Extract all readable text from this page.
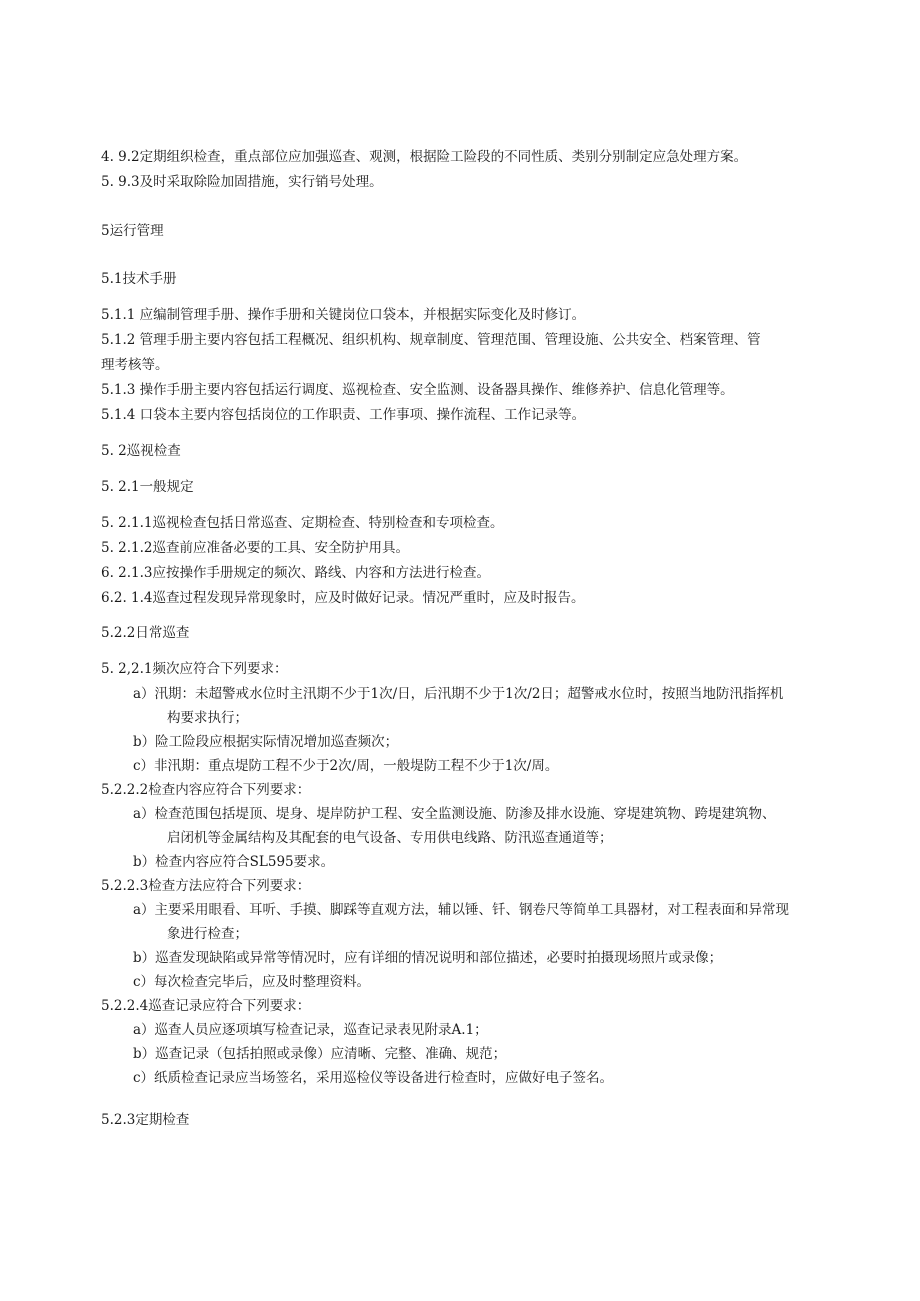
4. 9.2定期组织检查，重点部位应加强巡查、观测，根据险工险段的不同性质、类别分别制定应急处理方案。
5. 9.3及时采取除险加固措施，实行销号处理。
5运行管理
5.1技术手册
5.1.1 应编制管理手册、操作手册和关键岗位口袋本，并根据实际变化及时修订。
5.1.2 管理手册主要内容包括工程概况、组织机构、规章制度、管理范围、管理设施、公共安全、档案管理、管
理考核等。
5.1.3 操作手册主要内容包括运行调度、巡视检查、安全监测、设备器具操作、维修养护、信息化管理等。
5.1.4 口袋本主要内容包括岗位的工作职责、工作事项、操作流程、工作记录等。
5. 2巡视检查
5. 2.1一般规定
5. 2.1.1巡视检查包括日常巡查、定期检查、特别检查和专项检查。
5. 2.1.2巡查前应准备必要的工具、安全防护用具。
6. 2.1.3应按操作手册规定的频次、路线、内容和方法进行检查。
6.2. 1.4巡查过程发现异常现象时，应及时做好记录。情况严重时，应及时报告。
5.2.2日常巡查
5. 2,2.1频次应符合下列要求：
a）汛期：未超警戒水位时主汛期不少于1次/日，后汛期不少于1次/2日；超警戒水位时，按照当地防汛指挥机
构要求执行；
b）险工险段应根据实际情况增加巡查频次；
c）非汛期：重点堤防工程不少于2次/周，一般堤防工程不少于1次/周。
5.2.2.2检查内容应符合下列要求：
a）检查范围包括堤顶、堤身、堤岸防护工程、安全监测设施、防渗及排水设施、穿堤建筑物、跨堤建筑物、
启闭机等金属结构及其配套的电气设备、专用供电线路、防汛巡查通道等；
b）检查内容应符合SL595要求。
5.2.2.3检查方法应符合下列要求：
a）主要采用眼看、耳听、手摸、脚踩等直观方法，辅以锤、钎、钢卷尺等简单工具器材，对工程表面和异常现
象进行检查；
b）巡查发现缺陷或异常等情况时，应有详细的情况说明和部位描述，必要时拍摄现场照片或录像；
c）每次检查完毕后，应及时整理资料。
5.2.2.4巡查记录应符合下列要求：
a）巡查人员应逐项填写检查记录，巡查记录表见附录A.1；
b）巡查记录（包括拍照或录像）应清晰、完整、准确、规范；
c）纸质检查记录应当场签名，采用巡检仪等设备进行检查时，应做好电子签名。
5.2.3定期检查
